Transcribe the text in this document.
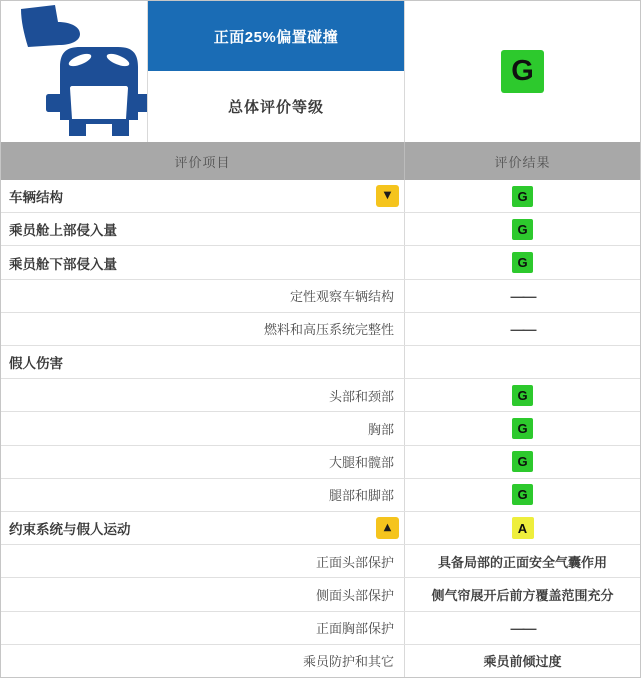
正面25%偏置碰撞
总体评价等级
G
评价项目	评价结果
车辆结构	▼	G
乘员舱上部侵入量	G
乘员舱下部侵入量	G
定性观察车辆结构	——
燃料和高压系统完整性	——
假人伤害
头部和颈部	G
胸部	G
大腿和髋部	G
腿部和脚部	G
约束系统与假人运动	▲	A
正面头部保护	具备局部的正面安全气囊作用
侧面头部保护	侧气帘展开后前方覆盖范围充分
正面胸部保护	——
乘员防护和其它	乘员前倾过度
